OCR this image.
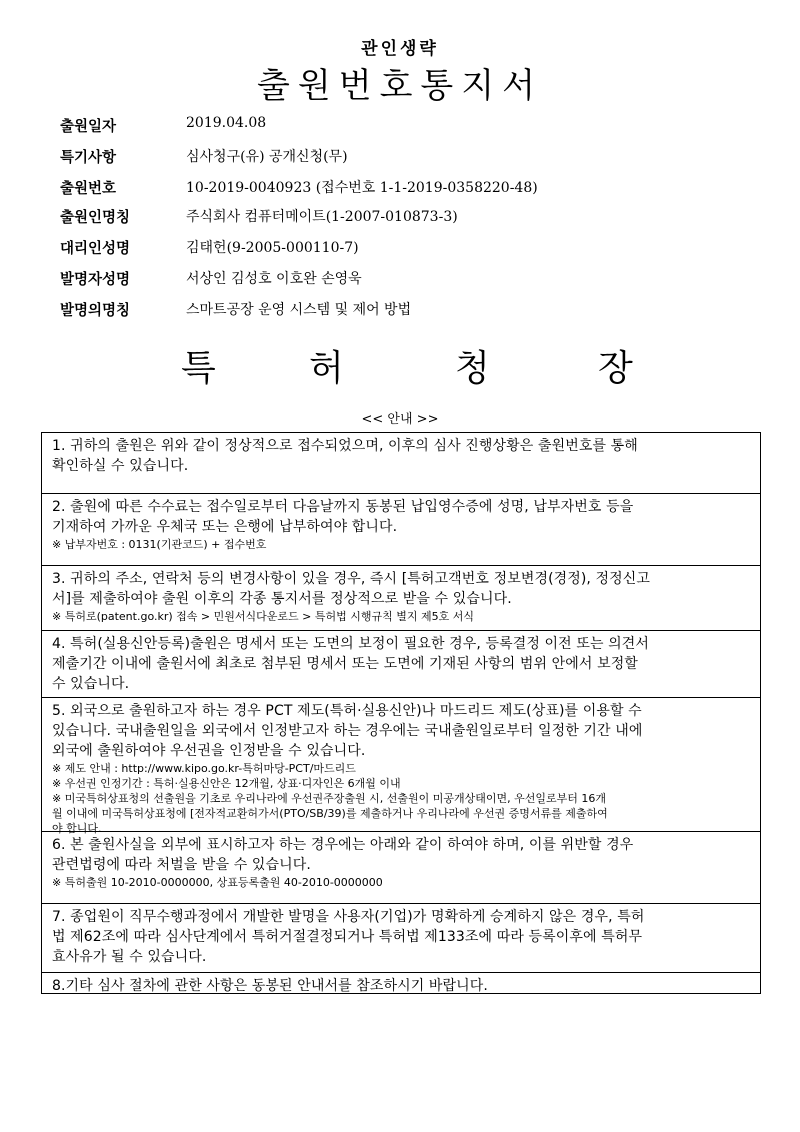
관인생략
출원번호통지서
출원일자	2019.04.08
특기사항	심사청구(유) 공개신청(무)
출원번호	10-2019-0040923 (접수번호 1-1-2019-0358220-48)
출원인명칭	주식회사 컴퓨터메이트(1-2007-010873-3)
대리인성명	김태헌(9-2005-000110-7)
발명자성명	서상인 김성호 이호완 손영욱
발명의명칭	스마트공장 운영 시스템 및 제어 방법
특	허	청	장
<< 안내 >>
1. 귀하의 출원은 위와 같이 정상적으로 접수되었으며, 이후의 심사 진행상황은 출원번호를 통해
확인하실 수 있습니다.
2. 출원에 따른 수수료는 접수일로부터 다음날까지 동봉된 납입영수증에 성명, 납부자번호 등을
기재하여 가까운 우체국 또는 은행에 납부하여야 합니다.
※ 납부자번호 : 0131(기관코드) + 접수번호
3. 귀하의 주소, 연락처 등의 변경사항이 있을 경우, 즉시 [특허고객번호 정보변경(경정), 정정신고
서]를 제출하여야 출원 이후의 각종 통지서를 정상적으로 받을 수 있습니다.
※ 특허로(patent.go.kr) 접속 > 민원서식다운로드 > 특허법 시행규칙 별지 제5호 서식
4. 특허(실용신안등록)출원은 명세서 또는 도면의 보정이 필요한 경우, 등록결정 이전 또는 의견서
제출기간 이내에 출원서에 최초로 첨부된 명세서 또는 도면에 기재된 사항의 범위 안에서 보정할
수 있습니다.
5. 외국으로 출원하고자 하는 경우 PCT 제도(특허·실용신안)나 마드리드 제도(상표)를 이용할 수
있습니다. 국내출원일을 외국에서 인정받고자 하는 경우에는 국내출원일로부터 일정한 기간 내에
외국에 출원하여야 우선권을 인정받을 수 있습니다.
※ 제도 안내 : http://www.kipo.go.kr-특허마당-PCT/마드리드
※ 우선권 인정기간 : 특허·실용신안은 12개월, 상표·디자인은 6개월 이내
※ 미국특허상표청의 선출원을 기초로 우리나라에 우선권주장출원 시, 선출원이 미공개상태이면, 우선일로부터 16개
월 이내에 미국특허상표청에 [전자적교환허가서(PTO/SB/39)를 제출하거나 우리나라에 우선권 증명서류를 제출하여
야 합니다.
6. 본 출원사실을 외부에 표시하고자 하는 경우에는 아래와 같이 하여야 하며, 이를 위반할 경우
관련법령에 따라 처벌을 받을 수 있습니다.
※ 특허출원 10-2010-0000000, 상표등록출원 40-2010-0000000
7. 종업원이 직무수행과정에서 개발한 발명을 사용자(기업)가 명확하게 승계하지 않은 경우, 특허
법 제62조에 따라 심사단계에서 특허거절결정되거나 특허법 제133조에 따라 등록이후에 특허무
효사유가 될 수 있습니다.
8.기타 심사 절차에 관한 사항은 동봉된 안내서를 참조하시기 바랍니다.
